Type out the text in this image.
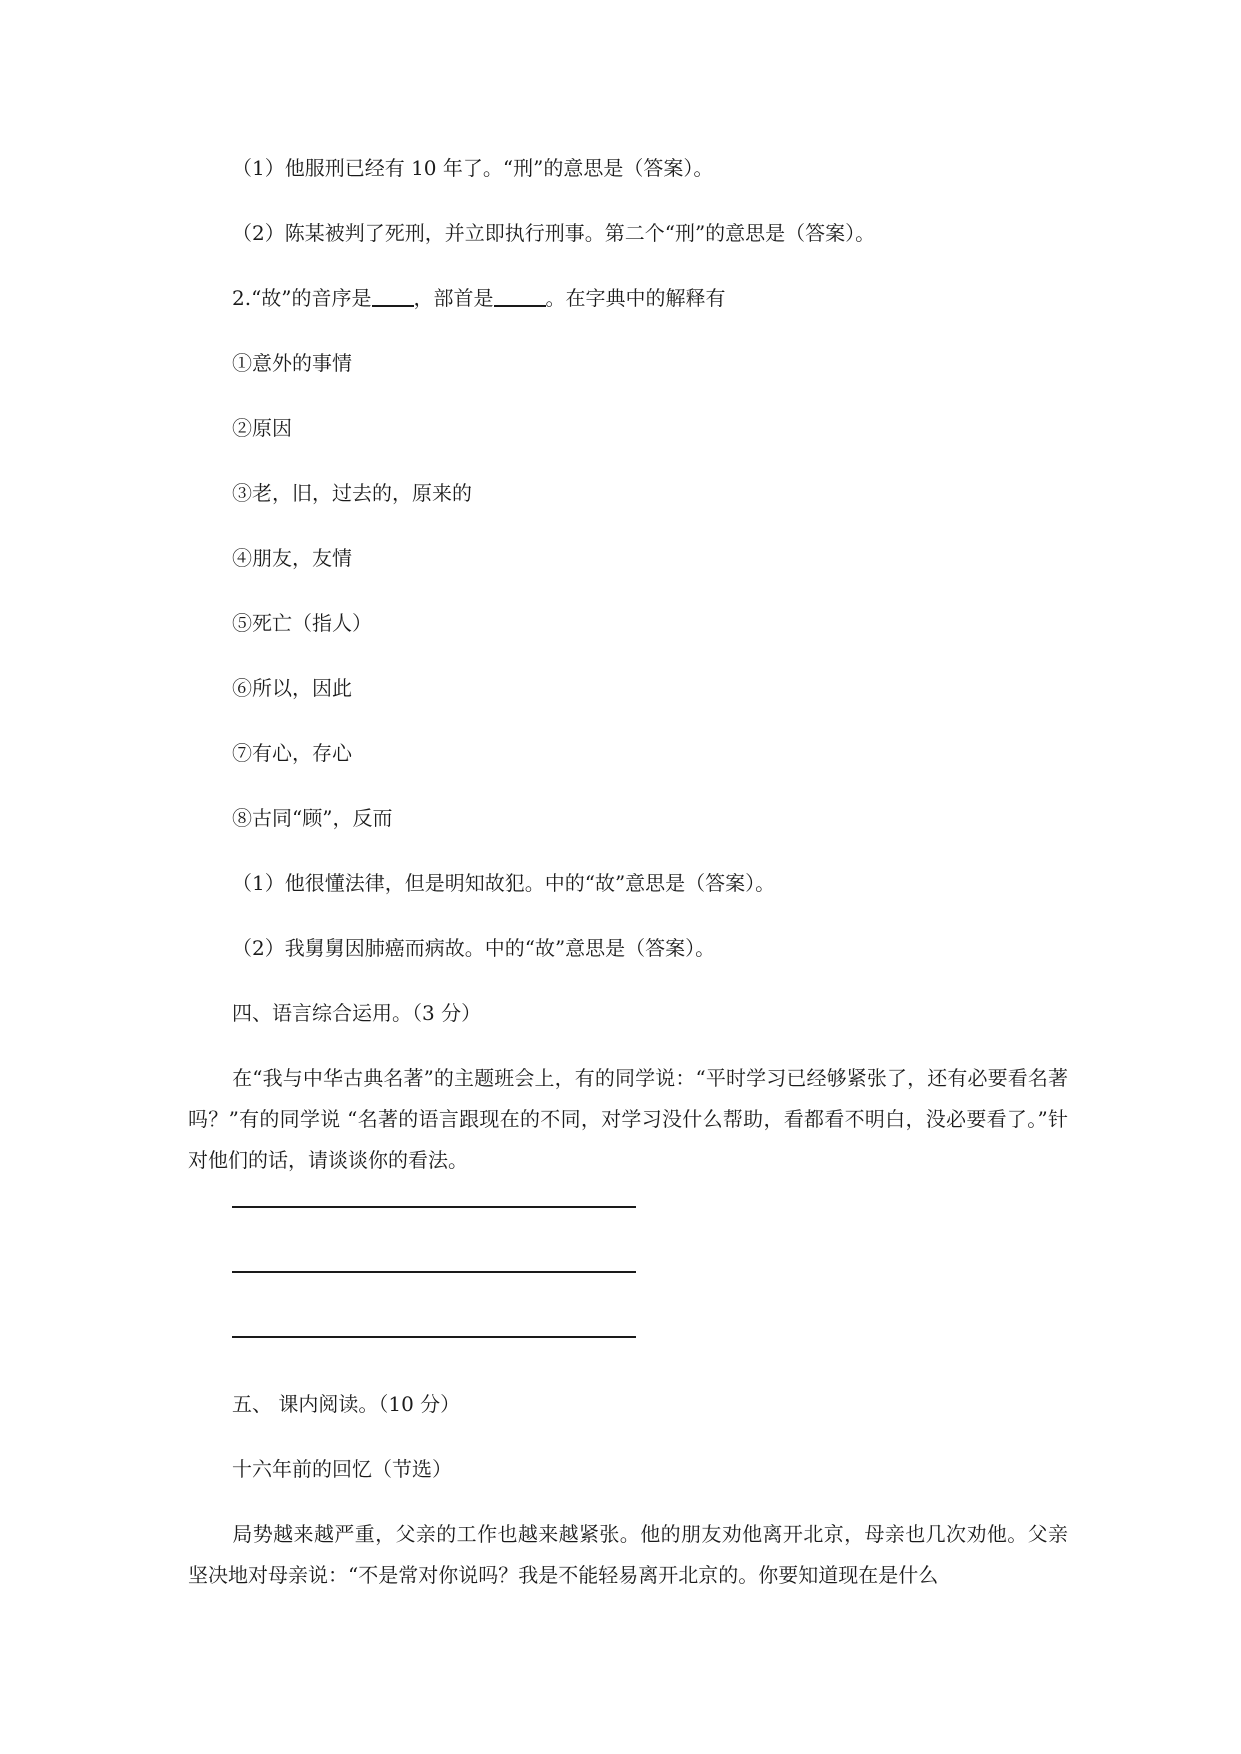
（1）他服刑已经有 10 年了。“刑”的意思是（答案）。
（2）陈某被判了死刑，并立即执行刑事。第二个“刑”的意思是（答案）。
2.“故”的音序是 ，部首是	。在字典中的解释有
①意外的事情
②原因
③老，旧，过去的，原来的
④朋友，友情
⑤死亡（指人）
⑥所以，因此
⑦有心，存心
⑧古同“顾”，反而
（1）他很懂法律，但是明知故犯。中的“故”意思是（答案）。
（2）我舅舅因肺癌而病故。中的“故”意思是（答案）。
四、语言综合运用。（3 分）
在“我与中华古典名著”的主题班会上，有的同学说：“平时学习已经够紧张了，还有必要看名著吗？”有的同学说 “名著的语言跟现在的不同，对学习没什么帮助，看都看不明白，没必要看了。”针对他们的话，请谈谈你的看法。
五、 课内阅读。（10 分）
十六年前的回忆（节选）
局势越来越严重，父亲的工作也越来越紧张。他的朋友劝他离开北京，母亲也几次劝他。父亲坚决地对母亲说：“不是常对你说吗？我是不能轻易离开北京的。你要知道现在是什么
